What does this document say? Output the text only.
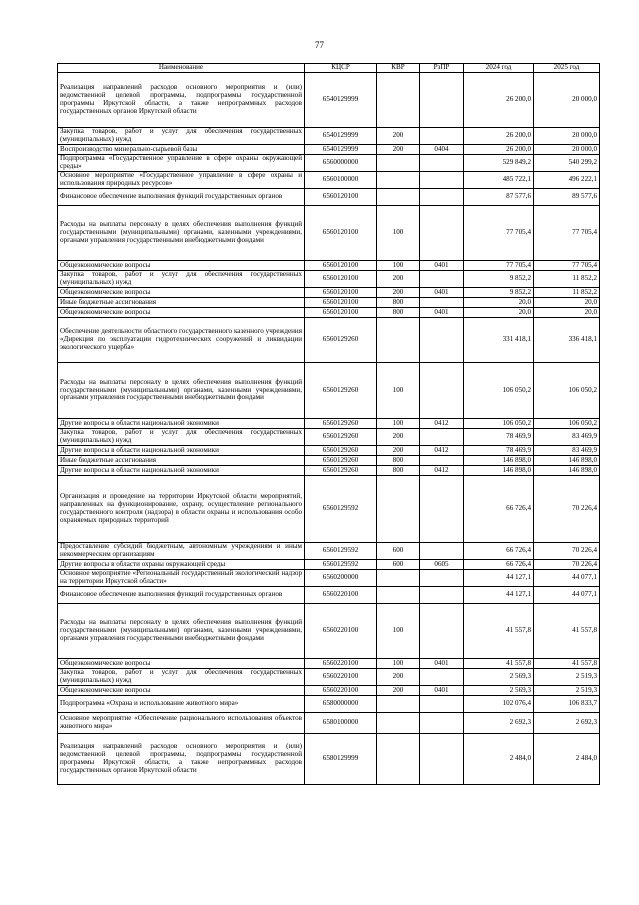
77
Наименование	КЦСР	КВР	РзПР	2024 год	2025 год
Реализация направлений расходов основного мероприятия и (или) ведомственной целевой программы, подпрограммы государственной программы Иркутской области, а также непрограммных расходов государственных органов Иркутской области	6540129999			26 200,0	20 000,0
Закупка товаров, работ и услуг для обеспечения государственных (муниципальных) нужд	6540129999	200		26 200,0	20 000,0
Воспроизводство минерально-сырьевой базы	6540129999	200	0404	26 200,0	20 000,0
Подпрограмма «Государственное управление в сфере охраны окружающей среды»	6560000000			529 849,2	540 299,2
Основное мероприятие «Государственное управление в сфере охраны и использования природных ресурсов»	6560100000			485 722,1	496 222,1
Финансовое обеспечение выполнения функций государственных органов	6560120100			87 577,6	89 577,6
Расходы на выплаты персоналу в целях обеспечения выполнения функций государственными (муниципальными) органами, казенными учреждениями, органами управления государственными внебюджетными фондами	6560120100	100		77 705,4	77 705,4
Общеэкономические вопросы	6560120100	100	0401	77 705,4	77 705,4
Закупка товаров, работ и услуг для обеспечения государственных (муниципальных) нужд	6560120100	200		9 852,2	11 852,2
Общеэкономические вопросы	6560120100	200	0401	9 852,2	11 852,2
Иные бюджетные ассигнования	6560120100	800		20,0	20,0
Общеэкономические вопросы	6560120100	800	0401	20,0	20,0
Обеспечение деятельности областного государственного казенного учреждения «Дирекция по эксплуатации гидротехнических сооружений и ликвидации экологического ущерба»	6560129260			331 418,1	336 418,1
Расходы на выплаты персоналу в целях обеспечения выполнения функций государственными (муниципальными) органами, казенными учреждениями, органами управления государственными внебюджетными фондами	6560129260	100		106 050,2	106 050,2
Другие вопросы в области национальной экономики	6560129260	100	0412	106 050,2	106 050,2
Закупка товаров, работ и услуг для обеспечения государственных (муниципальных) нужд	6560129260	200		78 469,9	83 469,9
Другие вопросы в области национальной экономики	6560129260	200	0412	78 469,9	83 469,9
Иные бюджетные ассигнования	6560129260	800		146 898,0	146 898,0
Другие вопросы в области национальной экономики	6560129260	800	0412	146 898,0	146 898,0
Организация и проведение на территории Иркутской области мероприятий, направленных на функционирование, охрану, осуществление регионального государственного контроля (надзора) в области охраны и использования особо охраняемых природных территорий	6560129592			66 726,4	70 226,4
Предоставление субсидий бюджетным, автономным учреждениям и иным некоммерческим организациям	6560129592	600		66 726,4	70 226,4
Другие вопросы в области охраны окружающей среды	6560129592	600	0605	66 726,4	70 226,4
Основное мероприятие «Региональный государственный экологический надзор на территории Иркутской области»	6560200000			44 127,1	44 077,1
Финансовое обеспечение выполнения функций государственных органов	6560220100			44 127,1	44 077,1
Расходы на выплаты персоналу в целях обеспечения выполнения функций государственными (муниципальными) органами, казенными учреждениями, органами управления государственными внебюджетными фондами	6560220100	100		41 557,8	41 557,8
Общеэкономические вопросы	6560220100	100	0401	41 557,8	41 557,8
Закупка товаров, работ и услуг для обеспечения государственных (муниципальных) нужд	6560220100	200		2 569,3	2 519,3
Общеэкономические вопросы	6560220100	200	0401	2 569,3	2 519,3
Подпрограмма «Охрана и использование животного мира»	6580000000			102 076,4	106 833,7
Основное мероприятие «Обеспечение рационального использования объектов животного мира»	6580100000			2 692,3	2 692,3
Реализация направлений расходов основного мероприятия и (или) ведомственной целевой программы, подпрограммы государственной программы Иркутской области, а также непрограммных расходов государственных органов Иркутской области	6580129999			2 484,0	2 484,0
